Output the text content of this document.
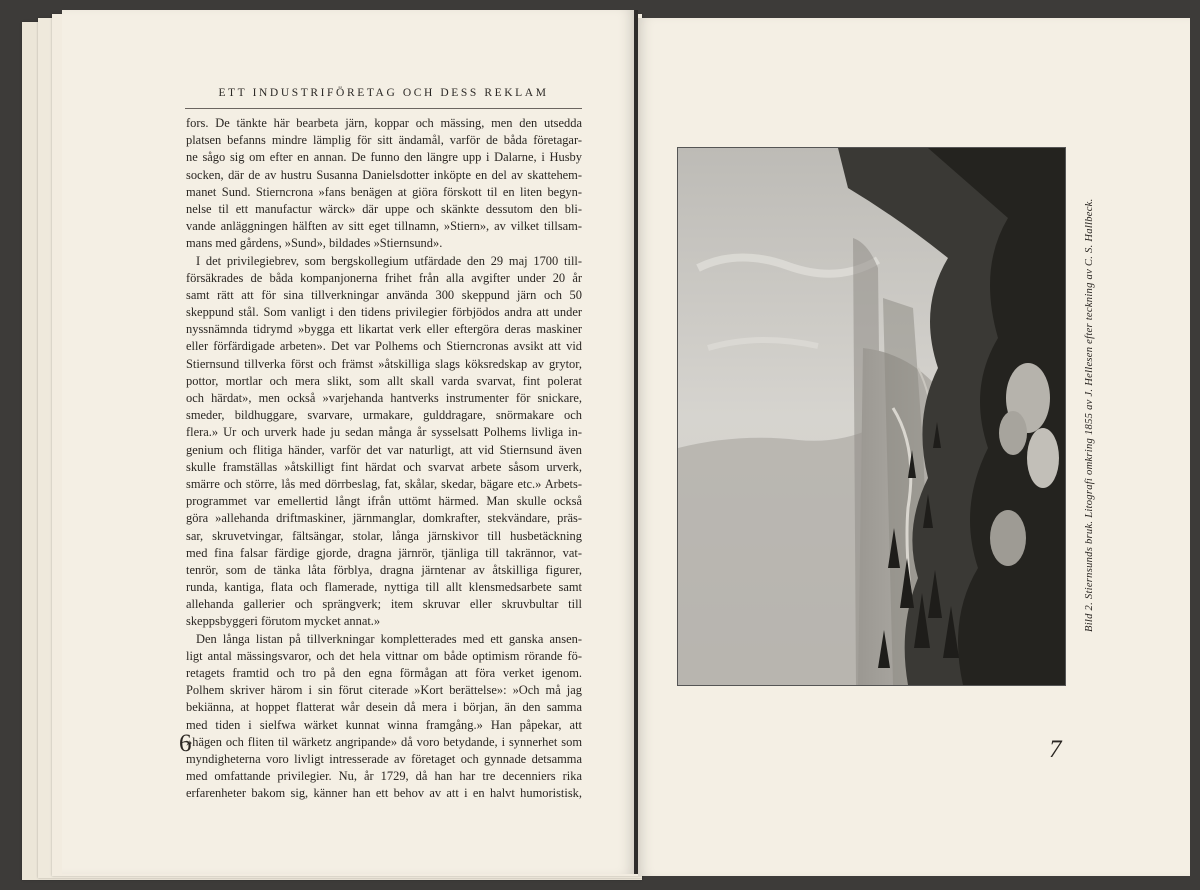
ETT INDUSTRIFÖRETAG OCH DESS REKLAM
fors. De tänkte här bearbeta järn, koppar och mässing, men den utsedda
platsen befanns mindre lämplig för sitt ändamål, varför de båda företagar-
ne sågo sig om efter en annan. De funno den längre upp i Dalarne, i Husby
socken, där de av hustru Susanna Danielsdotter inköpte en del av skattehem-
manet Sund. Stierncrona »fans benägen at giöra förskott til en liten begyn-
nelse til ett manufactur wärck» där uppe och skänkte dessutom den bli-
vande anläggningen hälften av sitt eget tillnamn, »Stiern», av vilket tillsam-
mans med gårdens, »Sund», bildades »Stiernsund».
I det privilegiebrev, som bergskollegium utfärdade den 29 maj 1700 till-
försäkrades de båda kompanjonerna frihet från alla avgifter under 20 år
samt rätt att för sina tillverkningar använda 300 skeppund järn och 50
skeppund stål. Som vanligt i den tidens privilegier förbjödos andra att under
nyssnämnda tidrymd »bygga ett likartat verk eller eftergöra deras maskiner
eller förfärdigade arbeten». Det var Polhems och Stierncronas avsikt att vid
Stiernsund tillverka först och främst »åtskilliga slags köksredskap av grytor,
pottor, mortlar och mera slikt, som allt skall varda svarvat, fint polerat
och härdat», men också »varjehanda hantverks instrumenter för snickare,
smeder, bildhuggare, svarvare, urmakare, gulddragare, snörmakare och
flera.» Ur och urverk hade ju sedan många år sysselsatt Polhems livliga in-
genium och flitiga händer, varför det var naturligt, att vid Stiernsund även
skulle framställas »åtskilligt fint härdat och svarvat arbete såsom urverk,
smärre och större, lås med dörrbeslag, fat, skålar, skedar, bägare etc.» Arbets-
programmet var emellertid långt ifrån uttömt härmed. Man skulle också
göra »allehanda driftmaskiner, järnmanglar, domkrafter, stekvändare, präs-
sar, skruvetvingar, fältsängar, stolar, långa järnskivor till husbetäckning
med fina falsar färdige gjorde, dragna järnrör, tjänliga till takrännor, vat-
tenrör, som de tänka låta förblya, dragna järntenar av åtskilliga figurer,
runda, kantiga, flata och flamerade, nyttiga till allt klensmedsarbete samt
allehanda gallerier och sprängverk; item skruvar eller skruvbultar till
skeppsbyggeri förutom mycket annat.»
Den långa listan på tillverkningar kompletterades med ett ganska ansen-
ligt antal mässingsvaror, och det hela vittnar om både optimism rörande fö-
retagets framtid och tro på den egna förmågan att föra verket igenom.
Polhem skriver härom i sin förut citerade »Kort berättelse»: »Och må jag
bekiänna, at hoppet flatterat wår desein då mera i början, än den samma
med tiden i sielfwa wärket kunnat winna framgång.» Han påpekar, att
»hägen och fliten til wärketz angripande» då voro betydande, i synnerhet som
myndigheterna voro livligt intresserade av företaget och gynnade detsamma
med omfattande privilegier. Nu, år 1729, då han har tre decenniers rika
erfarenheter bakom sig, känner han ett behov av att i en halvt humoristisk,
6
Bild 2. Stiernsunds bruk. Litografi omkring 1855 av J. Hellesen efter teckning av C. S. Hallbeck.
7
